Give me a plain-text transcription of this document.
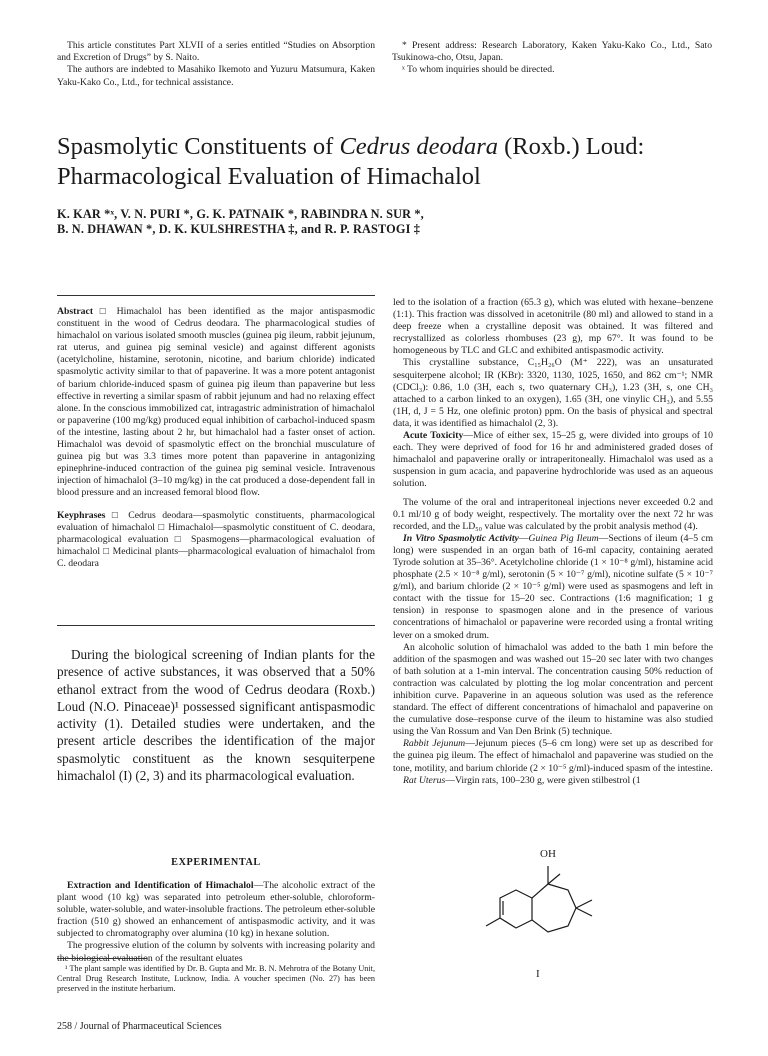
This article constitutes Part XLVII of a series entitled “Studies on Absorption and Excretion of Drugs” by S. Naito.

The authors are indebted to Masahiko Ikemoto and Yuzuru Matsumura, Kaken Yaku-Kako Co., Ltd., for technical assistance.

* Present address: Research Laboratory, Kaken Yaku-Kako Co., Ltd., Sato Tsukinowa-cho, Otsu, Japan.

ˣ To whom inquiries should be directed.

Spasmolytic Constituents of Cedrus deodara (Roxb.) Loud:
Pharmacological Evaluation of Himachalol
K. KAR *ˣ, V. N. PURI *, G. K. PATNAIK *, RABINDRA N. SUR *,
B. N. DHAWAN *, D. K. KULSHRESTHA ‡, and R. P. RASTOGI ‡

Abstract □ Himachalol has been identified as the major antispasmodic constituent in the wood of Cedrus deodara. The pharmacological studies of himachalol on various isolated smooth muscles (guinea pig ileum, rabbit jejunum, rat uterus, and guinea pig seminal vesicle) and against different agonists (acetylcholine, histamine, serotonin, nicotine, and barium chloride) indicated spasmolytic activity similar to that of papaverine. It was a more potent antagonist of barium chloride-induced spasm of guinea pig ileum than papaverine but less effective in reverting a similar spasm of rabbit jejunum and had no relaxing effect alone. In the conscious immobilized cat, intragastric administration of himachalol or papaverine (100 mg/kg) produced equal inhibition of carbachol-induced spasm of the intestine, lasting about 2 hr, but himachalol had a faster onset of action. Himachalol was devoid of spasmolytic effect on the bronchial musculature of guinea pig but was 3.3 times more potent than papaverine in antagonizing epinephrine-induced contraction of the guinea pig seminal vesicle. Intravenous injection of himachalol (3–10 mg/kg) in the cat produced a dose-dependent fall in blood pressure and an increased femoral blood flow.

Keyphrases □ Cedrus deodara—spasmolytic constituents, pharmacological evaluation of himachalol □ Himachalol—spasmolytic constituent of C. deodara, pharmacological evaluation □ Spasmogens—pharmacological evaluation of himachalol □ Medicinal plants—pharmacological evaluation of himachalol from C. deodara

During the biological screening of Indian plants for the presence of active substances, it was observed that a 50% ethanol extract from the wood of Cedrus deodara (Roxb.) Loud (N.O. Pinaceae)¹ possessed significant antispasmodic activity (1). Detailed studies were undertaken, and the present article describes the identification of the major spasmolytic constituent as the known sesquiterpene himachalol (I) (2, 3) and its pharmacological evaluation.

EXPERIMENTAL

Extraction and Identification of Himachalol—The alcoholic extract of the plant wood (10 kg) was separated into petroleum ether-soluble, chloroform-soluble, water-soluble, and water-insoluble fractions. The petroleum ether-soluble fraction (510 g) showed an enhancement of antispasmodic activity, and it was subjected to chromatography over alumina (10 kg) in hexane solution.

The progressive elution of the column by solvents with increasing polarity and the biological evaluation of the resultant eluates

¹ The plant sample was identified by Dr. B. Gupta and Mr. B. N. Mehrotra of the Botany Unit, Central Drug Research Institute, Lucknow, India. A voucher specimen (No. 27) has been preserved in the institute herbarium.

258 / Journal of Pharmaceutical Sciences

led to the isolation of a fraction (65.3 g), which was eluted with hexane–benzene (1:1). This fraction was dissolved in acetonitrile (80 ml) and allowed to stand in a deep freeze when a crystalline deposit was obtained. It was filtered and recrystallized as colorless rhombuses (23 g), mp 67°. It was found to be homogeneous by TLC and GLC and exhibited antispasmodic activity.

This crystalline substance, C₁₅H₂₆O (M⁺ 222), was an unsaturated sesquiterpene alcohol; IR (KBr): 3320, 1130, 1025, 1650, and 862 cm⁻¹; NMR (CDCl₃): 0.86, 1.0 (3H, each s, two quaternary CH₃), 1.23 (3H, s, one CH₃ attached to a carbon linked to an oxygen), 1.65 (3H, one vinylic CH₃), and 5.55 (1H, d, J = 5 Hz, one olefinic proton) ppm. On the basis of physical and spectral data, it was identified as himachalol (2, 3).

Acute Toxicity—Mice of either sex, 15–25 g, were divided into groups of 10 each. They were deprived of food for 16 hr and administered graded doses of himachalol and papaverine orally or intraperitoneally. Himachalol was used as a suspension in gum acacia, and papaverine hydrochloride was used as an aqueous solution.

The volume of the oral and intraperitoneal injections never exceeded 0.2 and 0.1 ml/10 g of body weight, respectively. The mortality over the next 72 hr was recorded, and the LD₅₀ value was calculated by the probit analysis method (4).

In Vitro Spasmolytic Activity—Guinea Pig Ileum—Sections of ileum (4–5 cm long) were suspended in an organ bath of 16-ml capacity, containing aerated Tyrode solution at 35–36°. Acetylcholine chloride (1 × 10⁻⁸ g/ml), histamine acid phosphate (2.5 × 10⁻⁸ g/ml), serotonin (5 × 10⁻⁷ g/ml), nicotine sulfate (5 × 10⁻⁷ g/ml), and barium chloride (2 × 10⁻⁵ g/ml) were used as spasmogens and left in contact with the tissue for 15–20 sec. Contractions (1:6 magnification; 1 g tension) in response to spasmogen alone and in the presence of various concentrations of himachalol or papaverine were recorded using a frontal writing lever on a smoked drum.

An alcoholic solution of himachalol was added to the bath 1 min before the addition of the spasmogen and was washed out 15–20 sec later with two changes of bath solution at a 1-min interval. The concentration causing 50% reduction of contraction was calculated by plotting the log molar concentration and percent inhibition curve. Papaverine in an aqueous solution was used as the reference standard. The effect of different concentrations of himachalol and papaverine on the cumulative dose–response curve of the ileum to histamine was also studied using the Van Rossum and Van Den Brink (5) technique.

Rabbit Jejunum—Jejunum pieces (5–6 cm long) were set up as described for the guinea pig ileum. The effect of himachalol and papaverine was studied on the tone, motility, and barium chloride (2 × 10⁻⁵ g/ml)-induced spasm of the intestine.

Rat Uterus—Virgin rats, 100–230 g, were given stilbestrol (1

OH
I
